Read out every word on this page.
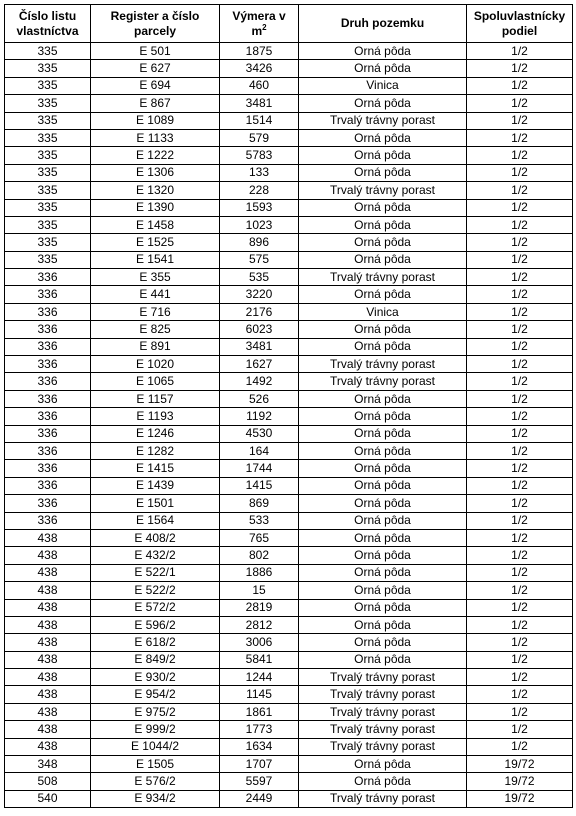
Číslo listu vlastníctva	Register a číslo parcely	Výmera v $m^2$	Druh pozemku	Spoluvlastnícky podiel
335	E 501	1875	Orná pôda	1/2
335	E 627	3426	Orná pôda	1/2
335	E 694	460	Vinica	1/2
335	E 867	3481	Orná pôda	1/2
335	E 1089	1514	Trvalý trávny porast	1/2
335	E 1133	579	Orná pôda	1/2
335	E 1222	5783	Orná pôda	1/2
335	E 1306	133	Orná pôda	1/2
335	E 1320	228	Trvalý trávny porast	1/2
335	E 1390	1593	Orná pôda	1/2
335	E 1458	1023	Orná pôda	1/2
335	E 1525	896	Orná pôda	1/2
335	E 1541	575	Orná pôda	1/2
336	E 355	535	Trvalý trávny porast	1/2
336	E 441	3220	Orná pôda	1/2
336	E 716	2176	Vinica	1/2
336	E 825	6023	Orná pôda	1/2
336	E 891	3481	Orná pôda	1/2
336	E 1020	1627	Trvalý trávny porast	1/2
336	E 1065	1492	Trvalý trávny porast	1/2
336	E 1157	526	Orná pôda	1/2
336	E 1193	1192	Orná pôda	1/2
336	E 1246	4530	Orná pôda	1/2
336	E 1282	164	Orná pôda	1/2
336	E 1415	1744	Orná pôda	1/2
336	E 1439	1415	Orná pôda	1/2
336	E 1501	869	Orná pôda	1/2
336	E 1564	533	Orná pôda	1/2
438	E 408/2	765	Orná pôda	1/2
438	E 432/2	802	Orná pôda	1/2
438	E 522/1	1886	Orná pôda	1/2
438	E 522/2	15	Orná pôda	1/2
438	E 572/2	2819	Orná pôda	1/2
438	E 596/2	2812	Orná pôda	1/2
438	E 618/2	3006	Orná pôda	1/2
438	E 849/2	5841	Orná pôda	1/2
438	E 930/2	1244	Trvalý trávny porast	1/2
438	E 954/2	1145	Trvalý trávny porast	1/2
438	E 975/2	1861	Trvalý trávny porast	1/2
438	E 999/2	1773	Trvalý trávny porast	1/2
438	E 1044/2	1634	Trvalý trávny porast	1/2
348	E 1505	1707	Orná pôda	19/72
508	E 576/2	5597	Orná pôda	19/72
540	E 934/2	2449	Trvalý trávny porast	19/72
